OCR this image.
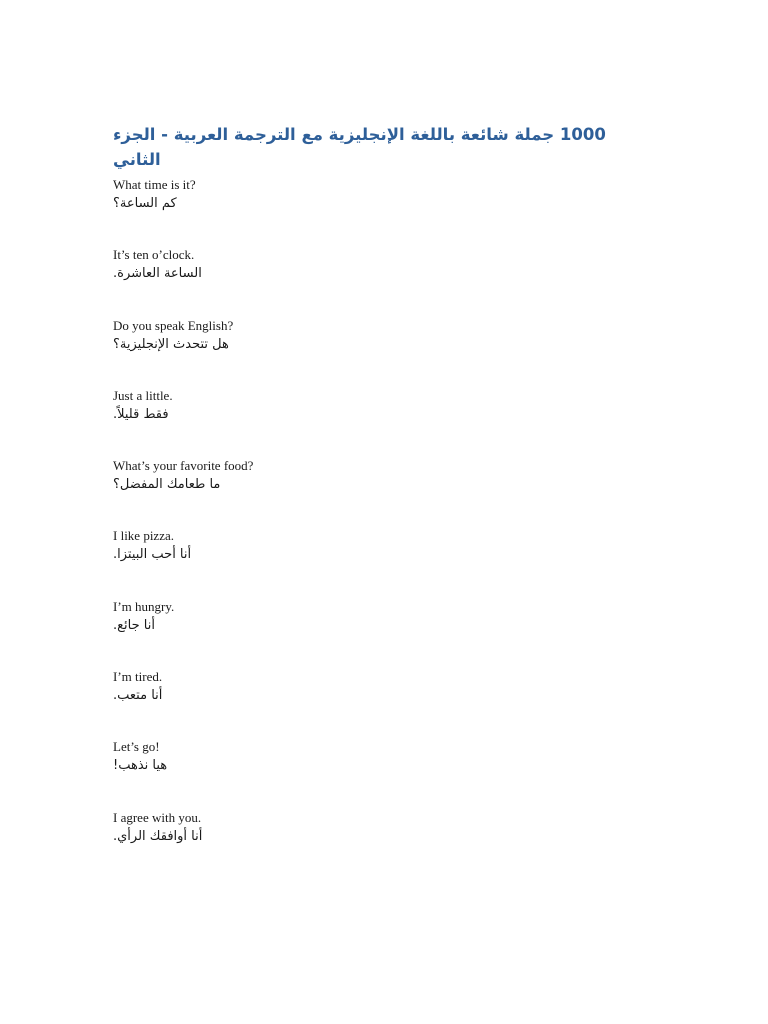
1000 جملة شائعة باللغة الإنجليزية مع الترجمة العربية - الجزء الثاني
What time is it?
كم الساعة؟
It’s ten o’clock.
الساعة العاشرة.
Do you speak English?
هل تتحدث الإنجليزية؟
Just a little.
فقط قليلاً.
What’s your favorite food?
ما طعامك المفضل؟
I like pizza.
أنا أحب البيتزا.
I’m hungry.
أنا جائع.
I’m tired.
أنا متعب.
Let’s go!
هيا نذهب!
I agree with you.
أنا أوافقك الرأي.
